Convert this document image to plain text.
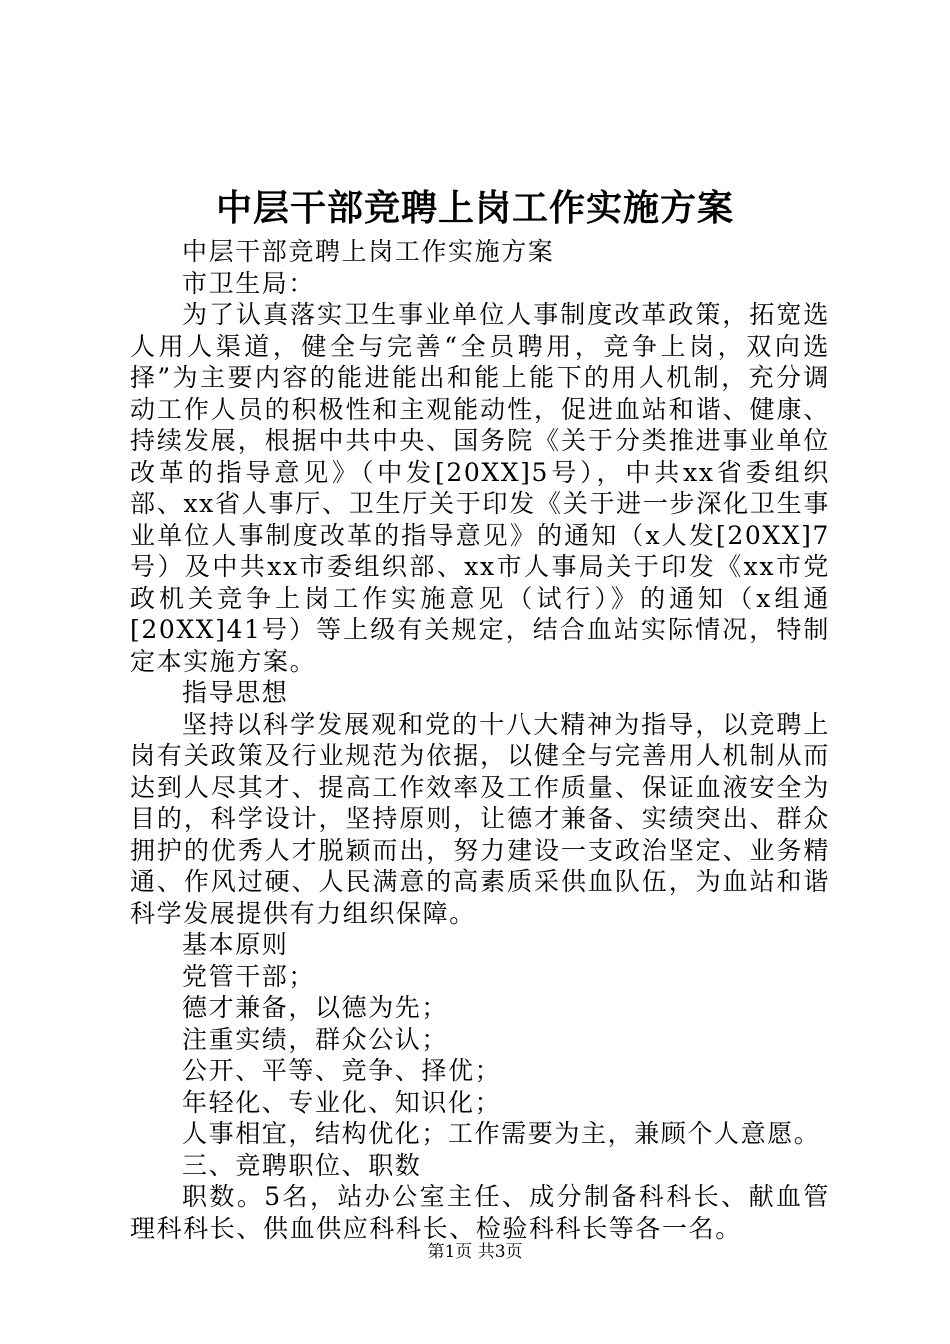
中层干部竞聘上岗工作实施方案

中层干部竞聘上岗工作实施方案

市卫生局：

为了认真落实卫生事业单位人事制度改革政策，拓宽选人用人渠道，健全与完善“全员聘用，竞争上岗，双向选择”为主要内容的能进能出和能上能下的用人机制，充分调动工作人员的积极性和主观能动性，促进血站和谐、健康、持续发展，根据中共中央、国务院《关于分类推进事业单位改革的指导意见》（中发[20XX]5号），中共xx省委组织部、xx省人事厅、卫生厅关于印发《关于进一步深化卫生事业单位人事制度改革的指导意见》的通知（x人发[20XX]7号）及中共xx市委组织部、xx市人事局关于印发《xx市党政机关竞争上岗工作实施意见（试行）》的通知（x组通[20XX]41号）等上级有关规定，结合血站实际情况，特制定本实施方案。

指导思想

坚持以科学发展观和党的十八大精神为指导，以竞聘上岗有关政策及行业规范为依据，以健全与完善用人机制从而达到人尽其才、提高工作效率及工作质量、保证血液安全为目的，科学设计，坚持原则，让德才兼备、实绩突出、群众拥护的优秀人才脱颖而出，努力建设一支政治坚定、业务精通、作风过硬、人民满意的高素质采供血队伍，为血站和谐科学发展提供有力组织保障。

基本原则

党管干部；

德才兼备，以德为先；

注重实绩，群众公认；

公开、平等、竞争、择优；

年轻化、专业化、知识化；

人事相宜，结构优化；工作需要为主，兼顾个人意愿。

三、竞聘职位、职数

职数。5名，站办公室主任、成分制备科科长、献血管理科科长、供血供应科科长、检验科科长等各一名。

第1页 共3页
